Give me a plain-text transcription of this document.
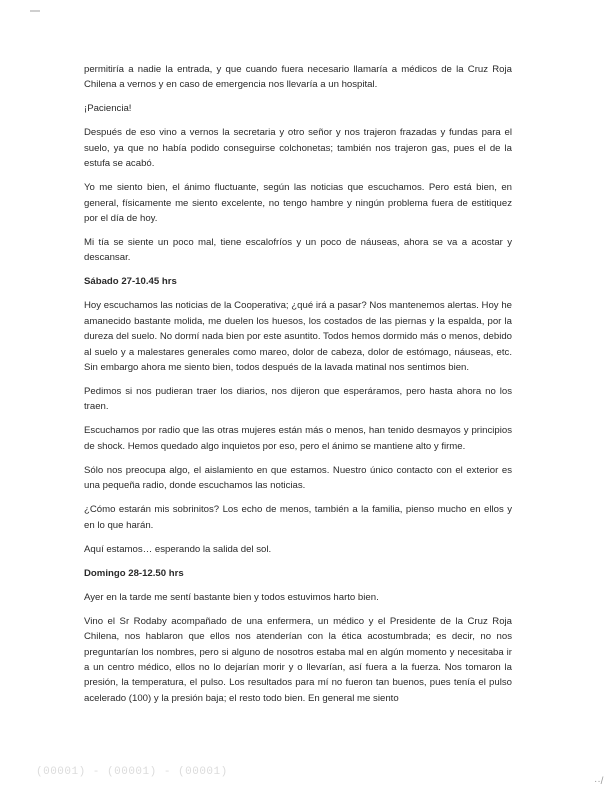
permitiría a nadie la entrada, y que cuando fuera necesario llamaría a médicos de la Cruz Roja Chilena a vernos y en caso de emergencia nos llevaría a un hospital.

¡Paciencia!

Después de eso vino a vernos la secretaria y otro señor y nos trajeron frazadas y fundas para el suelo, ya que no había podido conseguirse colchonetas; también nos trajeron gas, pues el de la estufa se acabó.

Yo me siento bien, el ánimo fluctuante, según las noticias que escuchamos. Pero está bien, en general, físicamente me siento excelente, no tengo hambre y ningún problema fuera de estitiquez por el día de hoy.

Mi tía se siente un poco mal, tiene escalofríos y un poco de náuseas, ahora se va a acostar y descansar.

Sábado 27-10.45 hrs

Hoy escuchamos las noticias de la Cooperativa; ¿qué irá a pasar? Nos mantenemos alertas. Hoy he amanecido bastante molida, me duelen los huesos, los costados de las piernas y la espalda, por la dureza del suelo. No dormí nada bien por este asuntito. Todos hemos dormido más o menos, debido al suelo y a malestares generales como mareo, dolor de cabeza, dolor de estómago, náuseas, etc. Sin embargo ahora me siento bien, todos después de la lavada matinal nos sentimos bien.

Pedimos si nos pudieran traer los diarios, nos dijeron que esperáramos, pero hasta ahora no los traen.

Escuchamos por radio que las otras mujeres están más o menos, han tenido desmayos y principios de shock. Hemos quedado algo inquietos por eso, pero el ánimo se mantiene alto y firme.

Sólo nos preocupa algo, el aislamiento en que estamos. Nuestro único contacto con el exterior es una pequeña radio, donde escuchamos las noticias.

¿Cómo estarán mis sobrinitos? Los echo de menos, también a la familia, pienso mucho en ellos y en lo que harán.

Aquí estamos… esperando la salida del sol.

Domingo 28-12.50 hrs

Ayer en la tarde me sentí bastante bien y todos estuvimos harto bien.

Vino el Sr Rodaby acompañado de una enfermera, un médico y el Presidente de la Cruz Roja Chilena, nos hablaron que ellos nos atenderían con la ética acostumbrada; es decir, no nos preguntarían los nombres, pero si alguno de nosotros estaba mal en algún momento y necesitaba ir a un centro médico, ellos no lo dejarían morir y o llevarían, así fuera a la fuerza. Nos tomaron la presión, la temperatura, el pulso. Los resultados para mí no fueron tan buenos, pues tenía el pulso acelerado (100) y la presión baja; el resto todo bien. En general me siento

(00001) - (00001) - (00001)
··/
